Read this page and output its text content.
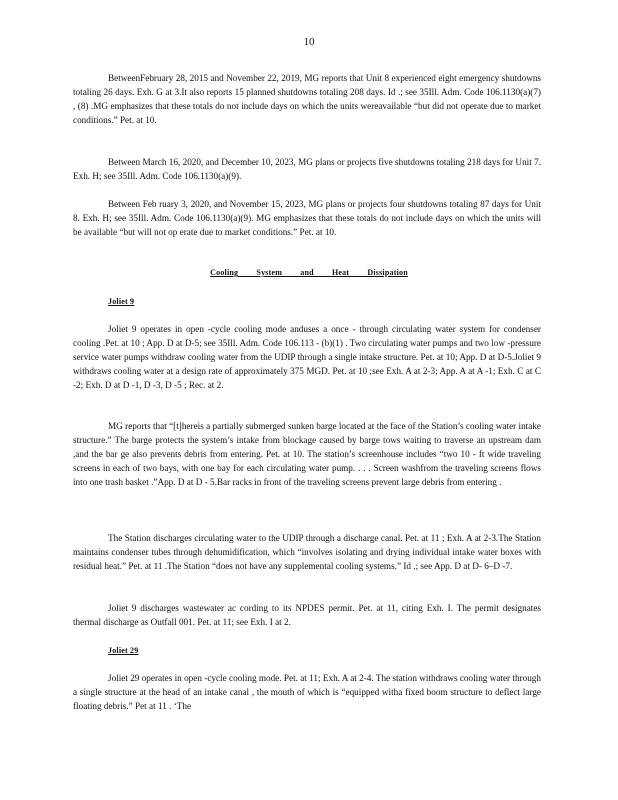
10

BetweenFebruary 28, 2015 and November 22, 2019, MG reports that Unit 8 experienced eight emergency shutdowns totaling 26 days. Exh. G at 3.It also reports 15 planned shutdowns totaling 208 days. Id .; see 35Ill. Adm. Code 106.1130(a)(7) , (8) .MG emphasizes that these totals do not include days on which the units wereavailable “but did not operate due to market conditions.” Pet. at 10.

Between March 16, 2020, and December 10, 2023, MG plans or projects five shutdowns totaling 218 days for Unit 7. Exh. H; see 35Ill. Adm. Code 106.1130(a)(9).

Between Feb ruary 3, 2020, and November 15, 2023, MG plans or projects four shutdowns totaling 87 days for Unit 8. Exh. H; see 35Ill. Adm. Code 106.1130(a)(9). MG emphasizes that these totals do not include days on which the units will be available “but will not op erate due to market conditions.” Pet. at 10.

Cooling System and Heat Dissipation
Joliet 9

Joliet 9 operates in open -cycle cooling mode anduses a once - through circulating water system for condenser cooling .Pet. at 10 ; App. D at D-5; see 35Ill. Adm. Code 106.113 - (b)(1) . Two circulating water pumps and two low -pressure service water pumps withdraw cooling water from the UDIP through a single intake structure. Pet. at 10; App. D at D-5.Joliet 9 withdraws cooling water at a design rate of approximately 375 MGD. Pet. at 10 ;see Exh. A at 2-3; App. A at A -1; Exh. C at C -2; Exh. D at D -1, D -3, D -5 ; Rec. at 2.

MG reports that “[t]hereis a partially submerged sunken barge located at the face of the Station’s cooling water intake structure.” The barge protects the system’s intake from blockage caused by barge tows waiting to traverse an upstream dam ,and the bar ge also prevents debris from entering. Pet. at 10. The station’s screenhouse includes “two 10 - ft wide traveling screens in each of two bays, with one bay for each circulating water pump. . . . Screen washfrom the traveling screens flows into one trash basket .”App. D at D - 5.Bar racks in front of the traveling screens prevent large debris from entering .

The Station discharges circulating water to the UDIP through a discharge canal. Pet. at 11 ; Exh. A at 2-3.The Station maintains condenser tubes through dehumidification, which “involves isolating and drying individual intake water boxes with residual heat.” Pet. at 11 .The Station “does not have any supplemental cooling systems.” Id .; see App. D at D- 6–D -7.

Joliet 9 discharges wastewater ac cording to its NPDES permit. Pet. at 11, citing Exh. I. The permit designates thermal discharge as Outfall 001. Pet. at 11; see Exh. I at 2.

Joliet 29

Joliet 29 operates in open -cycle cooling mode. Pet. at 11; Exh. A at 2-4. The station withdraws cooling water through a single structure at the head of an intake canal , the mouth of which is “equipped witha fixed boom structure to deflect large floating debris.” Pet at 11 . ‘The
